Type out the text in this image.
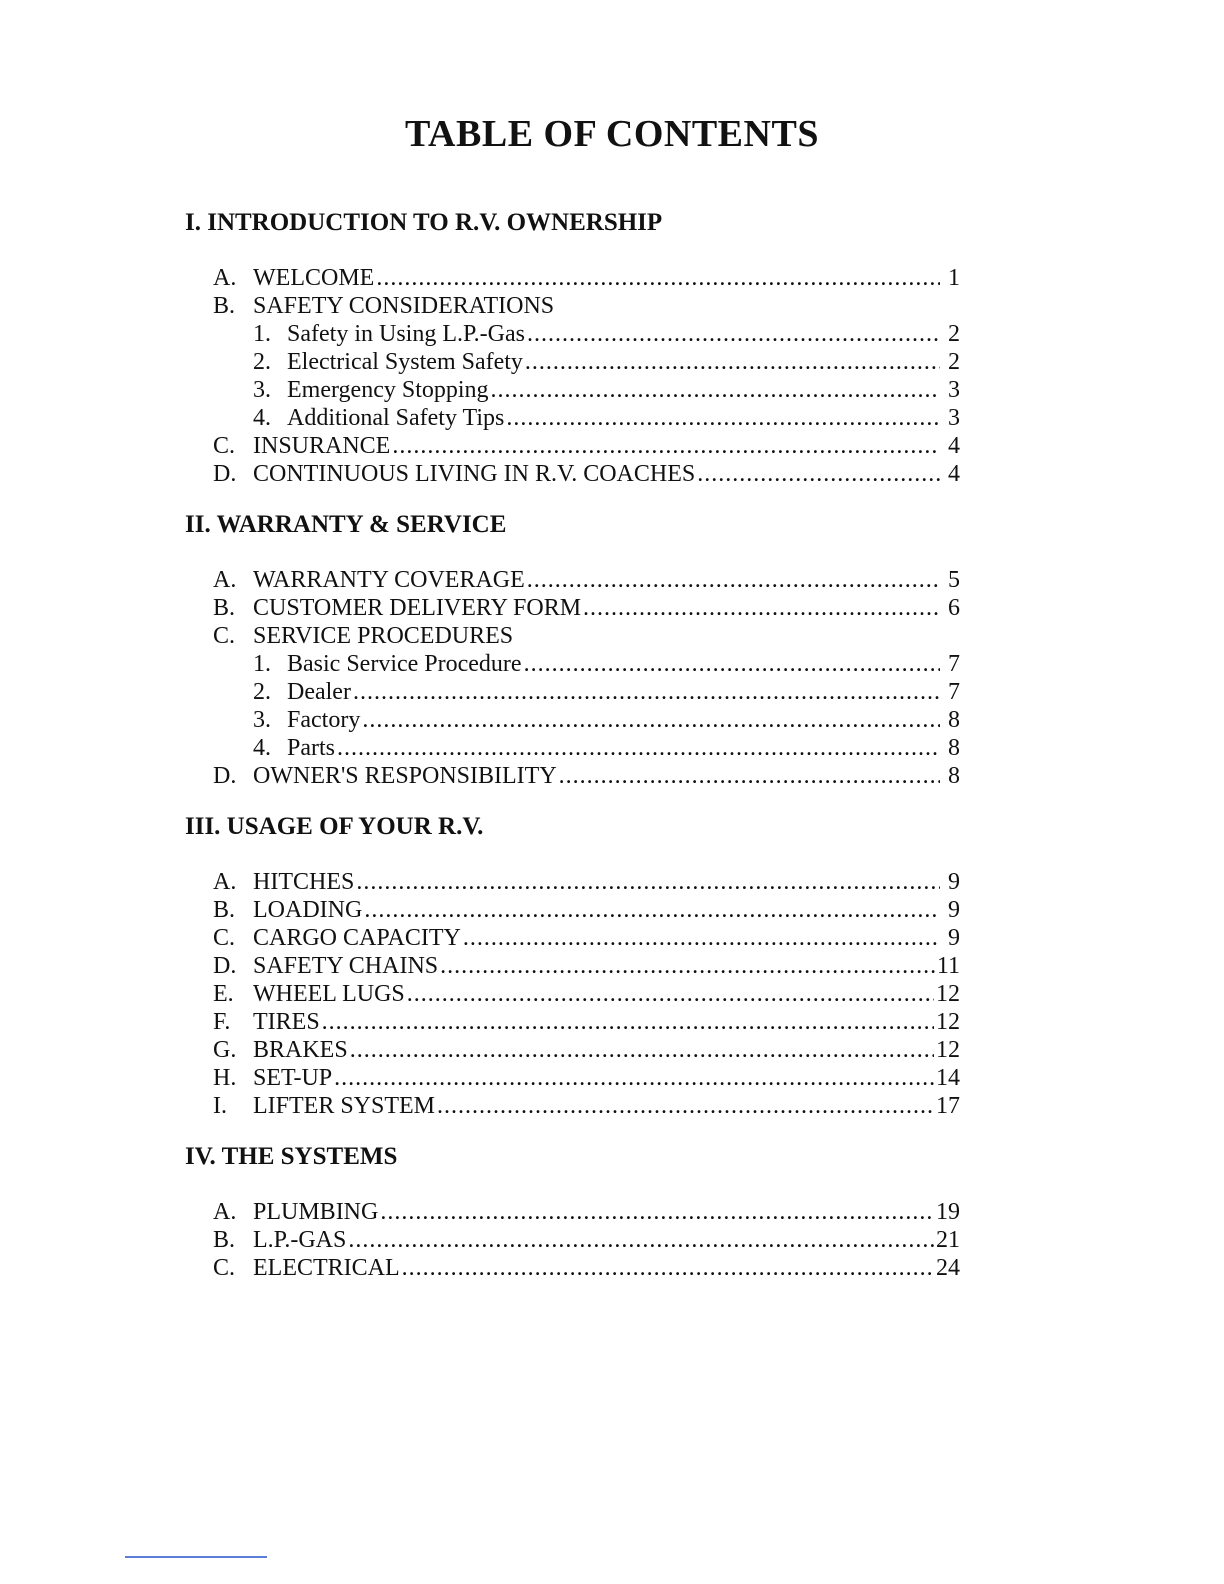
TABLE OF CONTENTS
I. INTRODUCTION TO R.V. OWNERSHIP
A. WELCOME .....	1
B. SAFETY CONSIDERATIONS
1. Safety in Using L.P.-Gas .....	2
2. Electrical System Safety .....	2
3. Emergency Stopping .....	3
4. Additional Safety Tips .....	3
C. INSURANCE .....	4
D. CONTINUOUS LIVING IN R.V. COACHES .....	4
II. WARRANTY & SERVICE
A. WARRANTY COVERAGE .....	5
B. CUSTOMER DELIVERY FORM .....	6
C. SERVICE PROCEDURES
1. Basic Service Procedure .....	7
2. Dealer .....	7
3. Factory .....	8
4. Parts .....	8
D. OWNER'S RESPONSIBILITY .....	8
III. USAGE OF YOUR R.V.
A. HITCHES .....	9
B. LOADING .....	9
C. CARGO CAPACITY .....	9
D. SAFETY CHAINS .....	11
E. WHEEL LUGS .....	12
F. TIRES .....	12
G. BRAKES .....	12
H. SET-UP .....	14
I.	LIFTER SYSTEM .....	17
IV. THE SYSTEMS
A. PLUMBING .....	19
B. L.P.-GAS .....	21
C. ELECTRICAL .....	24
